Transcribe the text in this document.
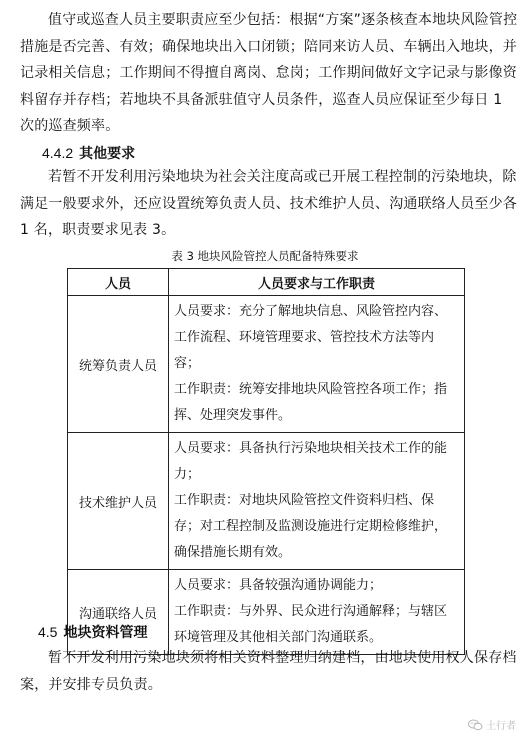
值守或巡查人员主要职责应至少包括：根据“方案”逐条核查本地块风险管控措施是否完善、有效；确保地块出入口闭锁；陪同来访人员、车辆出入地块，并记录相关信息；工作期间不得擅自离岗、怠岗；工作期间做好文字记录与影像资料留存并存档；若地块不具备派驻值守人员条件，巡查人员应保证至少每日 1 次的巡查频率。

4.4.2 其他要求

若暂不开发利用污染地块为社会关注度高或已开展工程控制的污染地块，除满足一般要求外，还应设置统筹负责人员、技术维护人员、沟通联络人员至少各 1 名，职责要求见表 3。

表 3 地块风险管控人员配备特殊要求
人员	人员要求与工作职责
统筹负责人员	人员要求：充分了解地块信息、风险管控内容、工作流程、环境管理要求、管控技术方法等内容；
工作职责：统筹安排地块风险管控各项工作；指挥、处理突发事件。

技术维护人员	人员要求：具备执行污染地块相关技术工作的能力；
工作职责：对地块风险管控文件资料归档、保存；对工程控制及监测设施进行定期检修维护，确保措施长期有效。

沟通联络人员	人员要求：具备较强沟通协调能力；
工作职责：与外界、民众进行沟通解释；与辖区环境管理及其他相关部门沟通联系。
4.5 地块资料管理

暂不开发利用污染地块须将相关资料整理归纳建档，由地块使用权人保存档案，并安排专员负责。

土行者
